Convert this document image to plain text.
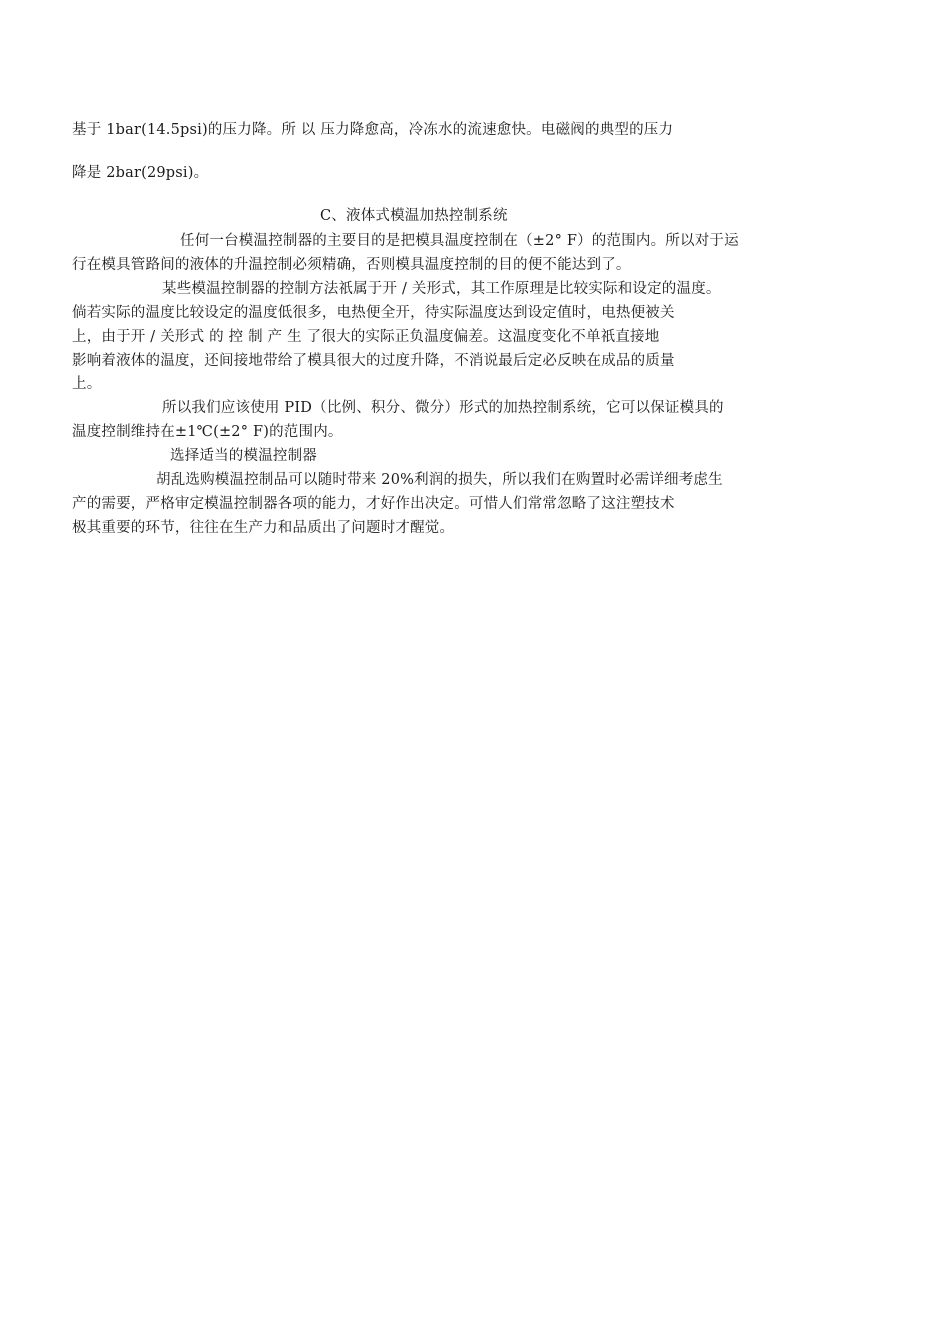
基于 1bar(14.5psi)的压力降。所 以 压力降愈高，冷冻水的流速愈快。电磁阀的典型的压力
降是 2bar(29psi)。
C、液体式模温加热控制系统
任何一台模温控制器的主要目的是把模具温度控制在（±2° F）的范围内。所以对于运
行在模具管路间的液体的升温控制必须精确，否则模具温度控制的目的便不能达到了。
某些模温控制器的控制方法祇属于开 / 关形式，其工作原理是比较实际和设定的温度。
倘若实际的温度比较设定的温度低很多，电热便全开，待实际温度达到设定值时，电热便被关
上，由于开 / 关形式 的 控 制 产 生 了很大的实际正负温度偏差。这温度变化不单祇直接地
影响着液体的温度，还间接地带给了模具很大的过度升降，不消说最后定必反映在成品的质量
上。
所以我们应该使用 PID（比例、积分、微分）形式的加热控制系统，它可以保证模具的
温度控制维持在±1℃(±2° F)的范围内。
选择适当的模温控制器
胡乱选购模温控制品可以随时带来 20%利润的损失，所以我们在购置时必需详细考虑生
产的需要，严格审定模温控制器各项的能力，才好作出决定。可惜人们常常忽略了这注塑技术
极其重要的环节，往往在生产力和品质出了问题时才醒觉。
